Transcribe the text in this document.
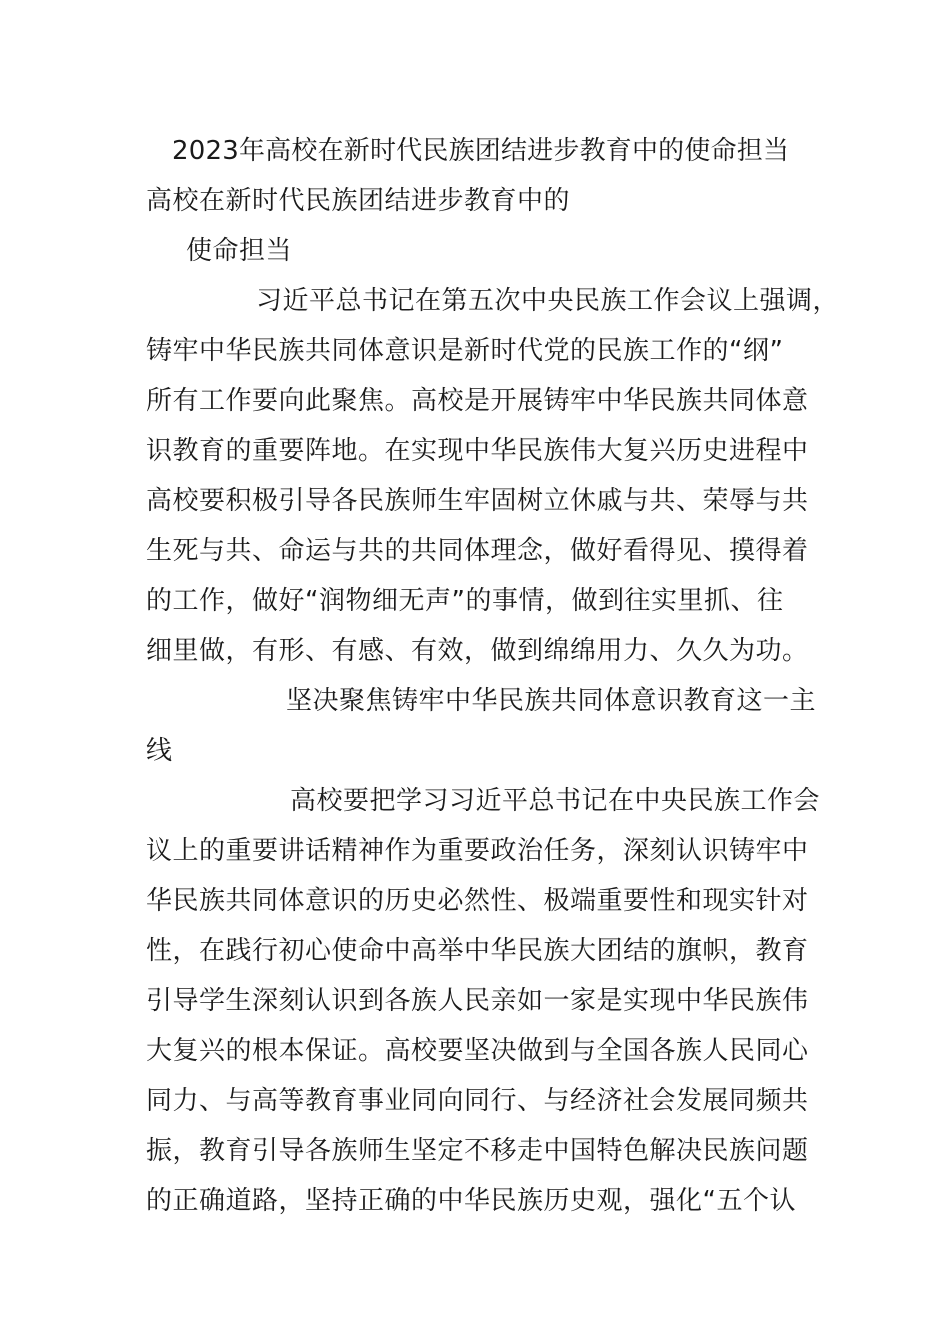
2023年高校在新时代民族团结进步教育中的使命担当
高校在新时代民族团结进步教育中的
使命担当
习近平总书记在第五次中央民族工作会议上强调，
铸牢中华民族共同体意识是新时代党的民族工作的“纲”
所有工作要向此聚焦。高校是开展铸牢中华民族共同体意
识教育的重要阵地。在实现中华民族伟大复兴历史进程中
高校要积极引导各民族师生牢固树立休戚与共、荣辱与共
生死与共、命运与共的共同体理念，做好看得见、摸得着
的工作，做好“润物细无声”的事情，做到往实里抓、往
细里做，有形、有感、有效，做到绵绵用力、久久为功。
坚决聚焦铸牢中华民族共同体意识教育这一主
线
高校要把学习习近平总书记在中央民族工作会
议上的重要讲话精神作为重要政治任务，深刻认识铸牢中
华民族共同体意识的历史必然性、极端重要性和现实针对
性，在践行初心使命中高举中华民族大团结的旗帜，教育
引导学生深刻认识到各族人民亲如一家是实现中华民族伟
大复兴的根本保证。高校要坚决做到与全国各族人民同心
同力、与高等教育事业同向同行、与经济社会发展同频共
振，教育引导各族师生坚定不移走中国特色解决民族问题
的正确道路，坚持正确的中华民族历史观，强化“五个认
